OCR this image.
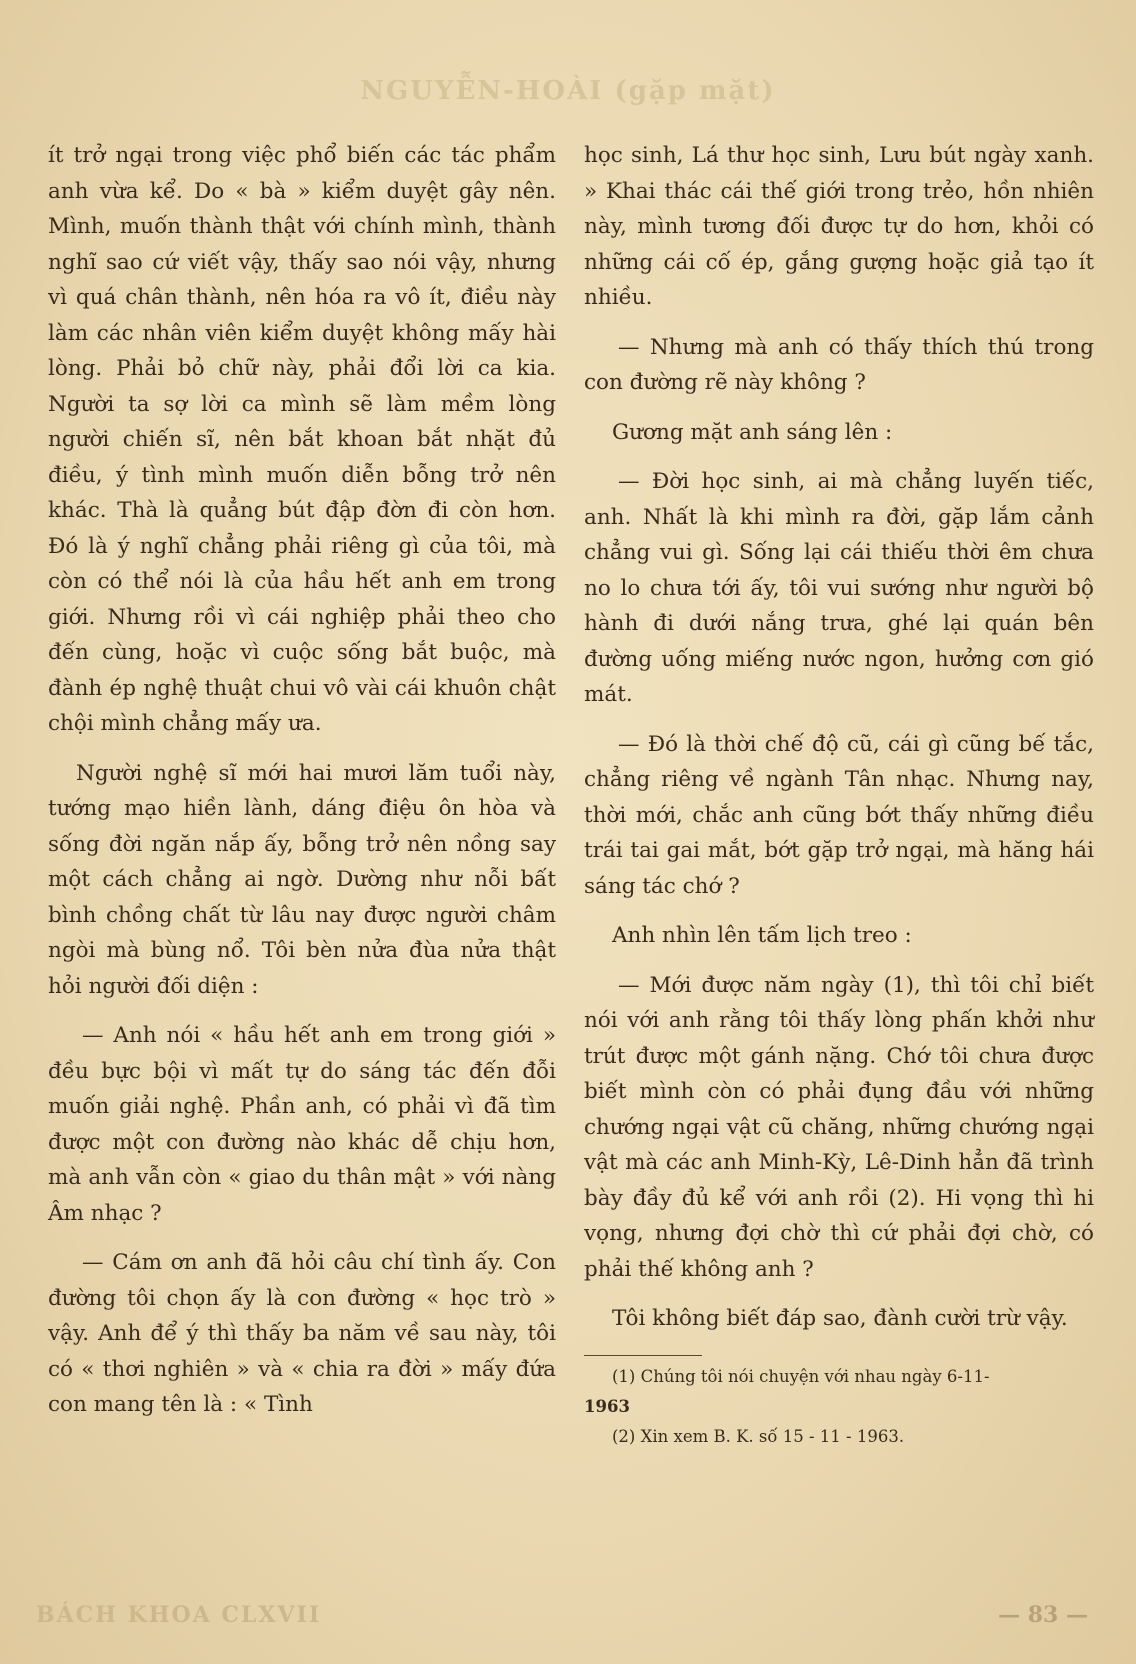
NGUYỄN-HOÀI (gặp mặt)

ít trở ngại trong việc phổ biến các tác phẩm anh vừa kể. Do « bà » kiểm duyệt gây nên. Mình, muốn thành thật với chính mình, thành nghĩ sao cứ viết vậy, thấy sao nói vậy, nhưng vì quá chân thành, nên hóa ra vô ít, điều này làm các nhân viên kiểm duyệt không mấy hài lòng. Phải bỏ chữ này, phải đổi lời ca kia. Người ta sợ lời ca mình sẽ làm mềm lòng người chiến sĩ, nên bắt khoan bắt nhặt đủ điều, ý tình mình muốn diễn bỗng trở nên khác. Thà là quẳng bút đập đờn đi còn hơn. Đó là ý nghĩ chẳng phải riêng gì của tôi, mà còn có thể nói là của hầu hết anh em trong giới. Nhưng rồi vì cái nghiệp phải theo cho đến cùng, hoặc vì cuộc sống bắt buộc, mà đành ép nghệ thuật chui vô vài cái khuôn chật chội mình chẳng mấy ưa.

Người nghệ sĩ mới hai mươi lăm tuổi này, tướng mạo hiền lành, dáng điệu ôn hòa và sống đời ngăn nắp ấy, bỗng trở nên nồng say một cách chẳng ai ngờ. Dường như nỗi bất bình chồng chất từ lâu nay được người châm ngòi mà bùng nổ. Tôi bèn nửa đùa nửa thật hỏi người đối diện :

— Anh nói « hầu hết anh em trong giới » đều bực bội vì mất tự do sáng tác đến đỗi muốn giải nghệ. Phần anh, có phải vì đã tìm được một con đường nào khác dễ chịu hơn, mà anh vẫn còn « giao du thân mật » với nàng Âm nhạc ?

— Cám ơn anh đã hỏi câu chí tình ấy. Con đường tôi chọn ấy là con đường « học trò » vậy. Anh để ý thì thấy ba năm về sau này, tôi có « thơi nghiên » và « chia ra đời » mấy đứa con mang tên là : « Tình

học sinh, Lá thư học sinh, Lưu bút ngày xanh. » Khai thác cái thế giới trong trẻo, hồn nhiên này, mình tương đối được tự do hơn, khỏi có những cái cố ép, gắng gượng hoặc giả tạo ít nhiều.

— Nhưng mà anh có thấy thích thú trong con đường rẽ này không ?

Gương mặt anh sáng lên :

— Đời học sinh, ai mà chẳng luyến tiếc, anh. Nhất là khi mình ra đời, gặp lắm cảnh chẳng vui gì. Sống lại cái thiếu thời êm chưa no lo chưa tới ấy, tôi vui sướng như người bộ hành đi dưới nắng trưa, ghé lại quán bên đường uống miếng nước ngon, hưởng cơn gió mát.

— Đó là thời chế độ cũ, cái gì cũng bế tắc, chẳng riêng về ngành Tân nhạc. Nhưng nay, thời mới, chắc anh cũng bớt thấy những điều trái tai gai mắt, bớt gặp trở ngại, mà hăng hái sáng tác chớ ?

Anh nhìn lên tấm lịch treo :

— Mới được năm ngày (1), thì tôi chỉ biết nói với anh rằng tôi thấy lòng phấn khởi như trút được một gánh nặng. Chớ tôi chưa được biết mình còn có phải đụng đầu với những chướng ngại vật cũ chăng, những chướng ngại vật mà các anh Minh-Kỳ, Lê-Dinh hẳn đã trình bày đầy đủ kể với anh rồi (2). Hi vọng thì hi vọng, nhưng đợi chờ thì cứ phải đợi chờ, có phải thế không anh ?

Tôi không biết đáp sao, đành cười trừ vậy.

(1) Chúng tôi nói chuyện với nhau ngày 6-11-

1963

(2) Xin xem B. K. số 15 - 11 - 1963.

BÁCH KHOA CLXVII	— 83 —
